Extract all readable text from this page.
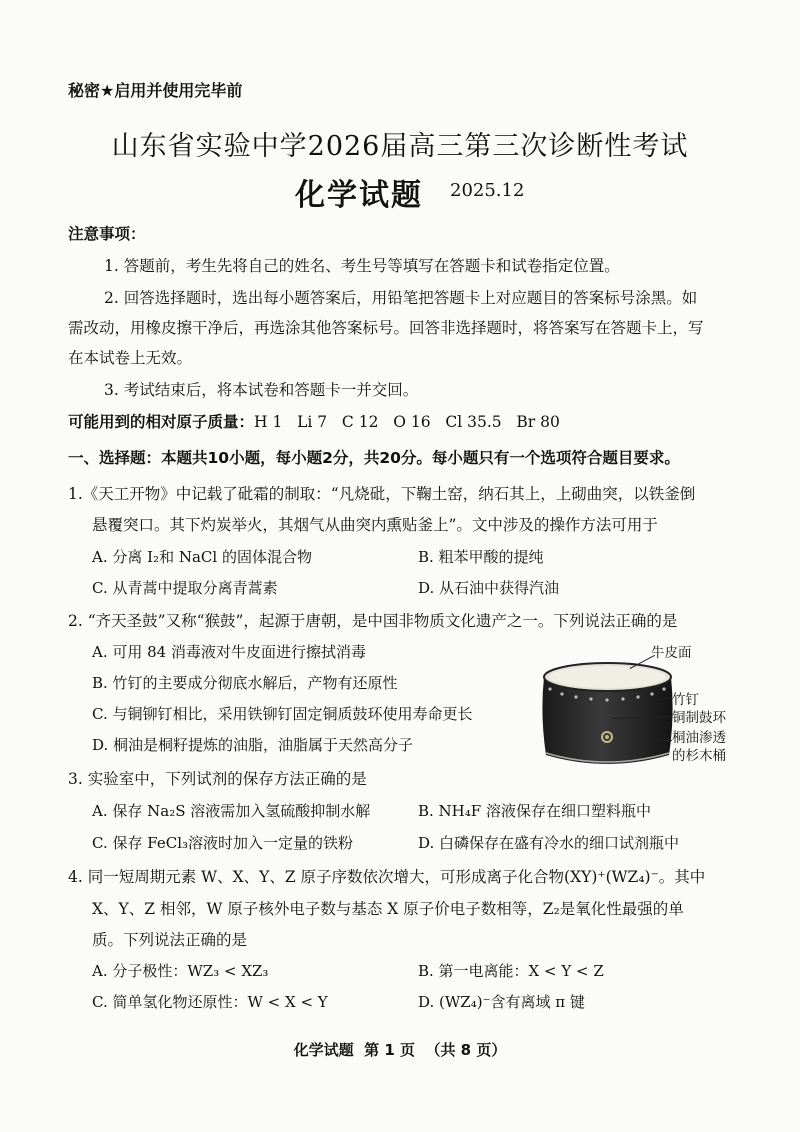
秘密★启用并使用完毕前
山东省实验中学2026届高三第三次诊断性考试
化学试题 2025.12
注意事项：
1. 答题前，考生先将自己的姓名、考生号等填写在答题卡和试卷指定位置。
2. 回答选择题时，选出每小题答案后，用铅笔把答题卡上对应题目的答案标号涂黑。如
需改动，用橡皮擦干净后，再选涂其他答案标号。回答非选择题时，将答案写在答题卡上，写
在本试卷上无效。
3. 考试结束后，将本试卷和答题卡一并交回。
可能用到的相对原子质量：H 1   Li 7   C 12   O 16   Cl 35.5   Br 80
一、选择题：本题共10小题，每小题2分，共20分。每小题只有一个选项符合题目要求。
1.《天工开物》中记载了砒霜的制取：“凡烧砒，下鞠土窑，纳石其上，上砌曲突，以铁釜倒
悬覆突口。其下灼炭举火，其烟气从曲突内熏贴釜上”。文中涉及的操作方法可用于
A. 分离 I₂和 NaCl 的固体混合物	B. 粗苯甲酸的提纯
C. 从青蒿中提取分离青蒿素	D. 从石油中获得汽油
2. “齐天圣鼓”又称“猴鼓”，起源于唐朝，是中国非物质文化遗产之一。下列说法正确的是
A. 可用 84 消毒液对牛皮面进行擦拭消毒
B. 竹钉的主要成分彻底水解后，产物有还原性
C. 与铜铆钉相比，采用铁铆钉固定铜质鼓环使用寿命更长
D. 桐油是桐籽提炼的油脂，油脂属于天然高分子
牛皮面
竹钉
铜制鼓环
桐油渗透
的杉木桶
3. 实验室中，下列试剂的保存方法正确的是
A. 保存 Na₂S 溶液需加入氢硫酸抑制水解	B. NH₄F 溶液保存在细口塑料瓶中
C. 保存 FeCl₃溶液时加入一定量的铁粉	D. 白磷保存在盛有冷水的细口试剂瓶中
4. 同一短周期元素 W、X、Y、Z 原子序数依次增大，可形成离子化合物(XY)⁺(WZ₄)⁻。其中
X、Y、Z 相邻，W 原子核外电子数与基态 X 原子价电子数相等，Z₂是氧化性最强的单
质。下列说法正确的是
A. 分子极性：WZ₃ < XZ₃	B. 第一电离能：X < Y < Z
C. 简单氢化物还原性：W < X < Y	D. (WZ₄)⁻含有离域 π 键
化学试题  第 1 页  （共 8 页）
